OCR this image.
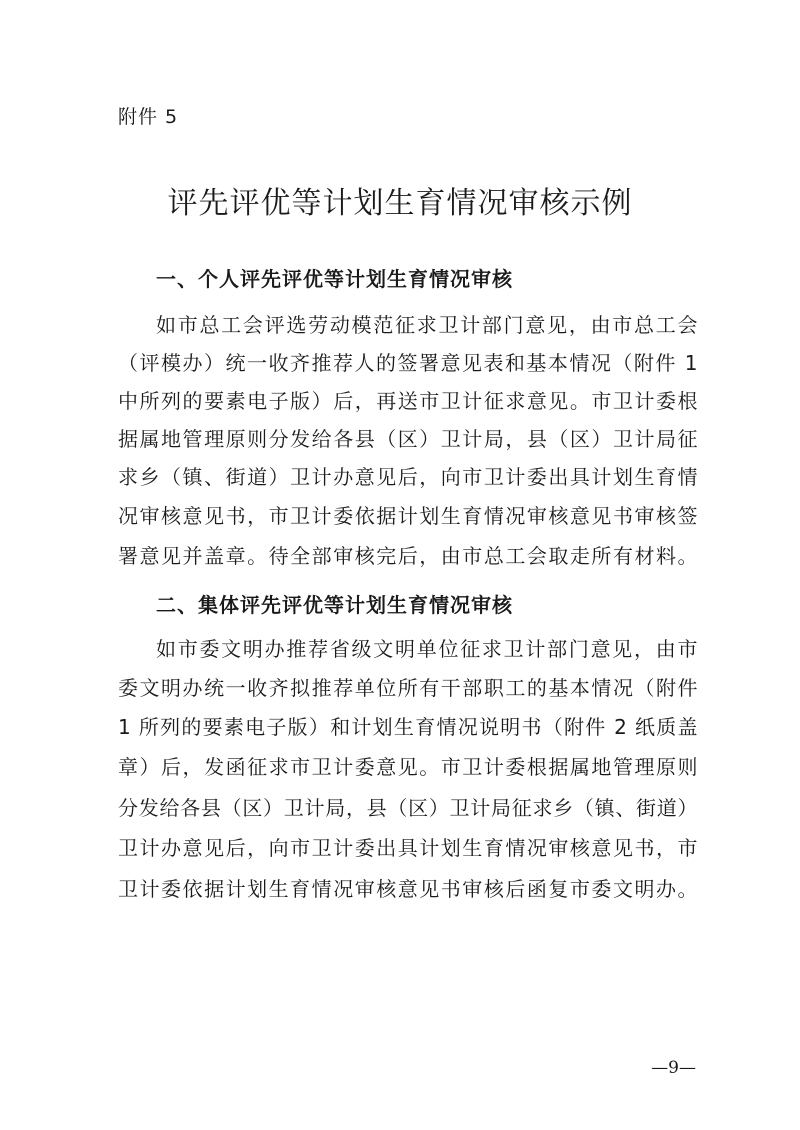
附件 5
评先评优等计划生育情况审核示例
一、个人评先评优等计划生育情况审核
如市总工会评选劳动模范征求卫计部门意见，由市总工会
（评模办）统一收齐推荐人的签署意见表和基本情况（附件 1
中所列的要素电子版）后，再送市卫计征求意见。市卫计委根
据属地管理原则分发给各县（区）卫计局，县（区）卫计局征
求乡（镇、街道）卫计办意见后，向市卫计委出具计划生育情
况审核意见书，市卫计委依据计划生育情况审核意见书审核签
署意见并盖章。待全部审核完后，由市总工会取走所有材料。
二、集体评先评优等计划生育情况审核
如市委文明办推荐省级文明单位征求卫计部门意见，由市
委文明办统一收齐拟推荐单位所有干部职工的基本情况（附件
1 所列的要素电子版）和计划生育情况说明书（附件 2 纸质盖
章）后，发函征求市卫计委意见。市卫计委根据属地管理原则
分发给各县（区）卫计局，县（区）卫计局征求乡（镇、街道）
卫计办意见后，向市卫计委出具计划生育情况审核意见书，市
卫计委依据计划生育情况审核意见书审核后函复市委文明办。
—9—
